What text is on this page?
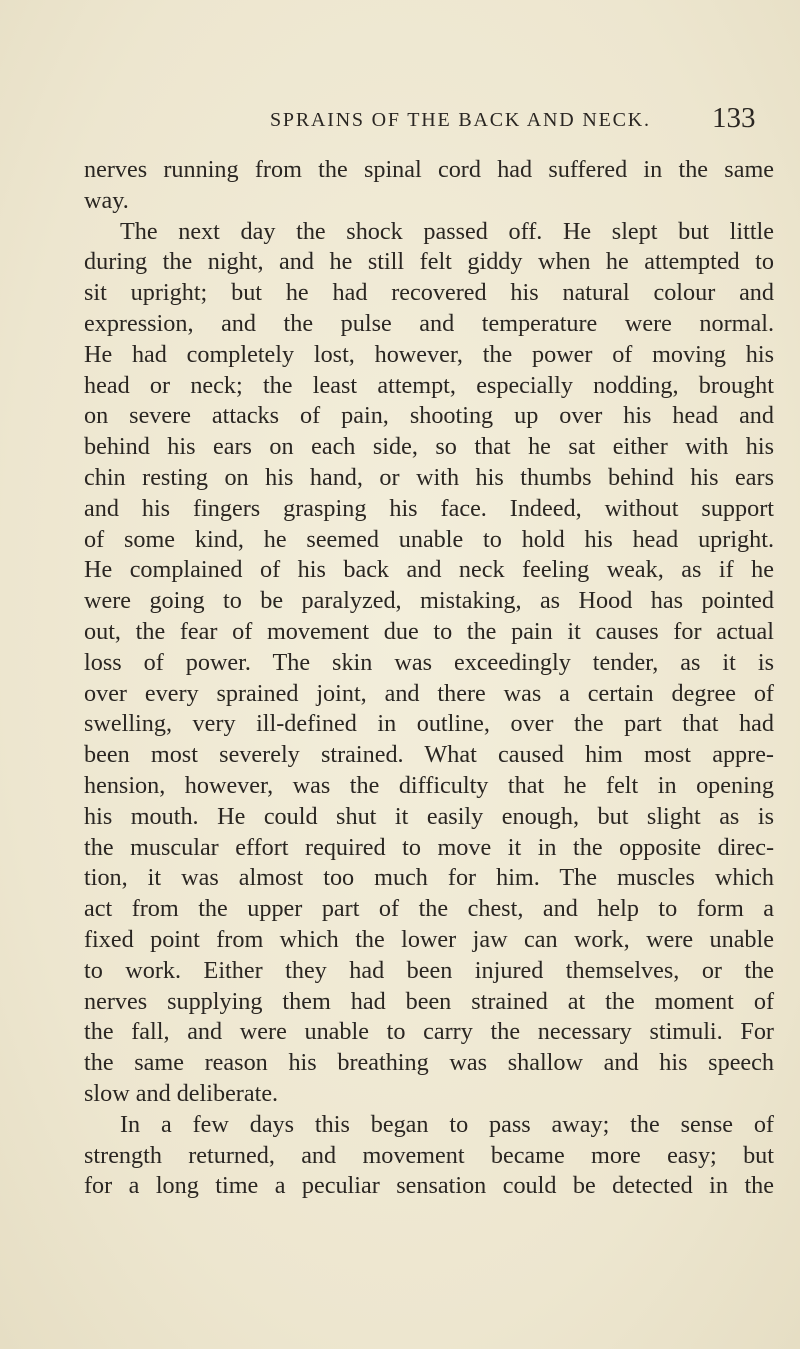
SPRAINS OF THE BACK AND NECK. 133
nerves running from the spinal cord had suffered in the same
way.
The next day the shock passed off. He slept but little
during the night, and he still felt giddy when he attempted to
sit upright; but he had recovered his natural colour and
expression, and the pulse and temperature were normal.
He had completely lost, however, the power of moving his
head or neck; the least attempt, especially nodding, brought
on severe attacks of pain, shooting up over his head and
behind his ears on each side, so that he sat either with his
chin resting on his hand, or with his thumbs behind his ears
and his fingers grasping his face. Indeed, without support
of some kind, he seemed unable to hold his head upright.
He complained of his back and neck feeling weak, as if he
were going to be paralyzed, mistaking, as Hood has pointed
out, the fear of movement due to the pain it causes for actual
loss of power. The skin was exceedingly tender, as it is
over every sprained joint, and there was a certain degree of
swelling, very ill-defined in outline, over the part that had
been most severely strained. What caused him most appre-
hension, however, was the difficulty that he felt in opening
his mouth. He could shut it easily enough, but slight as is
the muscular effort required to move it in the opposite direc-
tion, it was almost too much for him. The muscles which
act from the upper part of the chest, and help to form a
fixed point from which the lower jaw can work, were unable
to work. Either they had been injured themselves, or the
nerves supplying them had been strained at the moment of
the fall, and were unable to carry the necessary stimuli. For
the same reason his breathing was shallow and his speech
slow and deliberate.
In a few days this began to pass away; the sense of
strength returned, and movement became more easy; but
for a long time a peculiar sensation could be detected in the
